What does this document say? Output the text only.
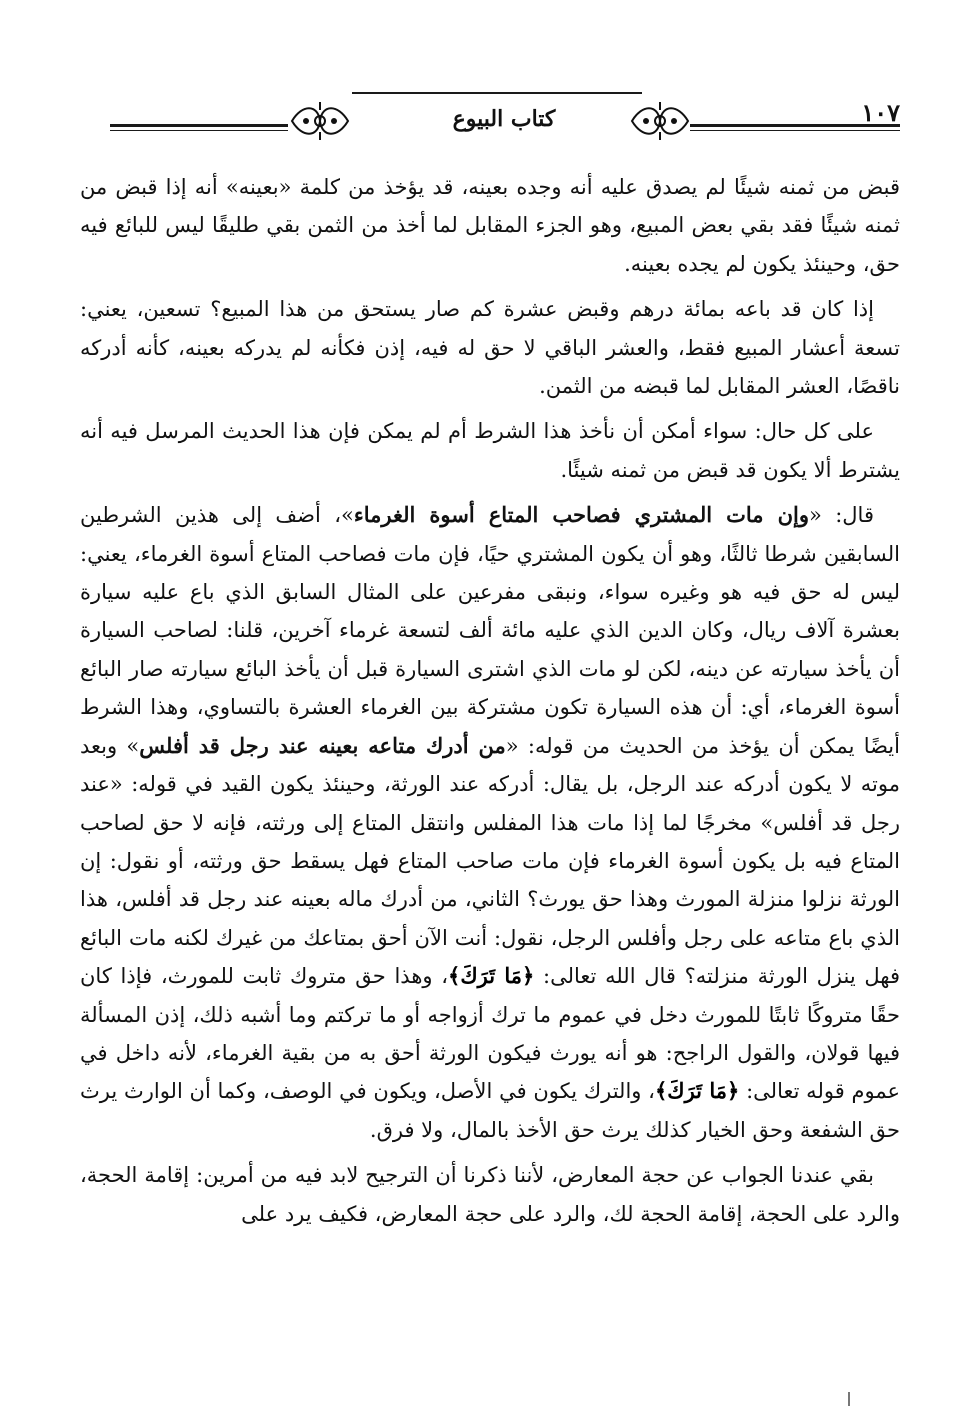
كتاب البيوع	١٠٧

قبض من ثمنه شيئًا لم يصدق عليه أنه وجده بعينه، قد يؤخذ من كلمة «بعينه» أنه إذا قبض من ثمنه شيئًا فقد بقي بعض المبيع، وهو الجزء المقابل لما أخذ من الثمن بقي طليقًا ليس للبائع فيه حق، وحينئذ يكون لم يجده بعينه.

إذا كان قد باعه بمائة درهم وقبض عشرة كم صار يستحق من هذا المبيع؟ تسعين، يعني: تسعة أعشار المبيع فقط، والعشر الباقي لا حق له فيه، إذن فكأنه لم يدركه بعينه، كأنه أدركه ناقصًا، العشر المقابل لما قبضه من الثمن.

على كل حال: سواء أمكن أن نأخذ هذا الشرط أم لم يمكن فإن هذا الحديث المرسل فيه أنه يشترط ألا يكون قد قبض من ثمنه شيئًا.

قال: «وإن مات المشتري فصاحب المتاع أسوة الغرماء»، أضف إلى هذين الشرطين السابقين شرطا ثالثًا، وهو أن يكون المشتري حيًا، فإن مات فصاحب المتاع أسوة الغرماء، يعني: ليس له حق فيه هو وغيره سواء، ونبقى مفرعين على المثال السابق الذي باع عليه سيارة بعشرة آلاف ريال، وكان الدين الذي عليه مائة ألف لتسعة غرماء آخرين، قلنا: لصاحب السيارة أن يأخذ سيارته عن دينه، لكن لو مات الذي اشترى السيارة قبل أن يأخذ البائع سيارته صار البائع أسوة الغرماء، أي: أن هذه السيارة تكون مشتركة بين الغرماء العشرة بالتساوي، وهذا الشرط أيضًا يمكن أن يؤخذ من الحديث من قوله: «من أدرك متاعه بعينه عند رجل قد أفلس» وبعد موته لا يكون أدركه عند الرجل، بل يقال: أدركه عند الورثة، وحينئذ يكون القيد في قوله: «عند رجل قد أفلس» مخرجًا لما إذا مات هذا المفلس وانتقل المتاع إلى ورثته، فإنه لا حق لصاحب المتاع فيه بل يكون أسوة الغرماء فإن مات صاحب المتاع فهل يسقط حق ورثته، أو نقول: إن الورثة نزلوا منزلة المورث وهذا حق يورث؟ الثاني، من أدرك ماله بعينه عند رجل قد أفلس، هذا الذي باع متاعه على رجل وأفلس الرجل، نقول: أنت الآن أحق بمتاعك من غيرك لكنه مات البائع فهل ينزل الورثة منزلته؟ قال الله تعالى: ﴿مَا تَرَكَ﴾، وهذا حق متروك ثابت للمورث، فإذا كان حقًا متروكًا ثابتًا للمورث دخل في عموم ما ترك أزواجه أو ما تركتم وما أشبه ذلك، إذن المسألة فيها قولان، والقول الراجح: هو أنه يورث فيكون الورثة أحق به من بقية الغرماء، لأنه داخل في عموم قوله تعالى: ﴿مَا تَرَكَ﴾، والترك يكون في الأصل، ويكون في الوصف، وكما أن الوارث يرث حق الشفعة وحق الخيار كذلك يرث حق الأخذ بالمال، ولا فرق.

بقي عندنا الجواب عن حجة المعارض، لأننا ذكرنا أن الترجيح لابد فيه من أمرين: إقامة الحجة، والرد على الحجة، إقامة الحجة لك، والرد على حجة المعارض، فكيف يرد على
